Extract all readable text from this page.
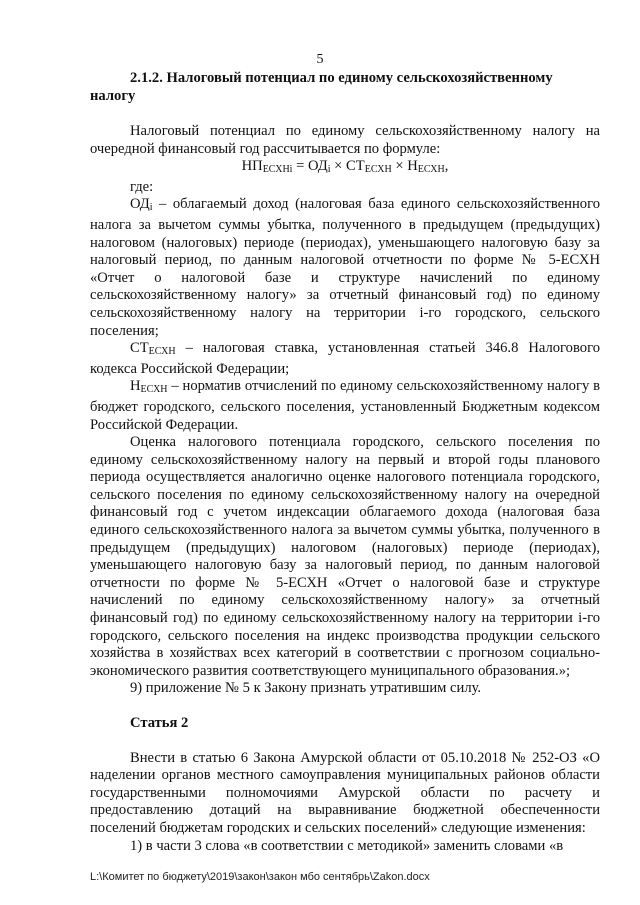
5

2.1.2. Налоговый потенциал по единому сельскохозяйственному

налогу

Налоговый потенциал по единому сельскохозяйственному налогу на очередной финансовый год рассчитывается по формуле:

$НП_{ЕСХНi} = ОД_i \times СТ_{ЕСХН} \times Н_{ЕСХН}$,

где:

$ОД_i$ – облагаемый доход (налоговая база единого сельскохозяйственного налога за вычетом суммы убытка, полученного в предыдущем (предыдущих) налоговом (налоговых) периоде (периодах), уменьшающего налоговую базу за налоговый период, по данным налоговой отчетности по форме № 5-ЕСХН «Отчет о налоговой базе и структуре начислений по единому сельскохозяйственному налогу» за отчетный финансовый год) по единому сельскохозяйственному налогу на территории i-го городского, сельского поселения;

$СТ_{ЕСХН}$ – налоговая ставка, установленная статьей 346.8 Налогового кодекса Российской Федерации;

$Н_{ЕСХН}$ – норматив отчислений по единому сельскохозяйственному налогу в бюджет городского, сельского поселения, установленный Бюджетным кодексом Российской Федерации.

Оценка налогового потенциала городского, сельского поселения по единому сельскохозяйственному налогу на первый и второй годы планового периода осуществляется аналогично оценке налогового потенциала городского, сельского поселения по единому сельскохозяйственному налогу на очередной финансовый год с учетом индексации облагаемого дохода (налоговая база единого сельскохозяйственного налога за вычетом суммы убытка, полученного в предыдущем (предыдущих) налоговом (налоговых) периоде (периодах), уменьшающего налоговую базу за налоговый период, по данным налоговой отчетности по форме № 5-ЕСХН «Отчет о налоговой базе и структуре начислений по единому сельскохозяйственному налогу» за отчетный финансовый год) по единому сельскохозяйственному налогу на территории i-го городского, сельского поселения на индекс производства продукции сельского хозяйства в хозяйствах всех категорий в соответствии с прогнозом социально-экономического развития соответствующего муниципального образования.»;

9) приложение № 5 к Закону признать утратившим силу.

Статья 2

Внести в статью 6 Закона Амурской области от 05.10.2018 № 252-ОЗ «О наделении органов местного самоуправления муниципальных районов области государственными полномочиями Амурской области по расчету и предоставлению дотаций на выравнивание бюджетной обеспеченности поселений бюджетам городских и сельских поселений» следующие изменения:

1) в части 3 слова «в соответствии с методикой» заменить словами «в

L:\Комитет по бюджету\2019\закон\закон мбо сентябрь\Zakon.docx
